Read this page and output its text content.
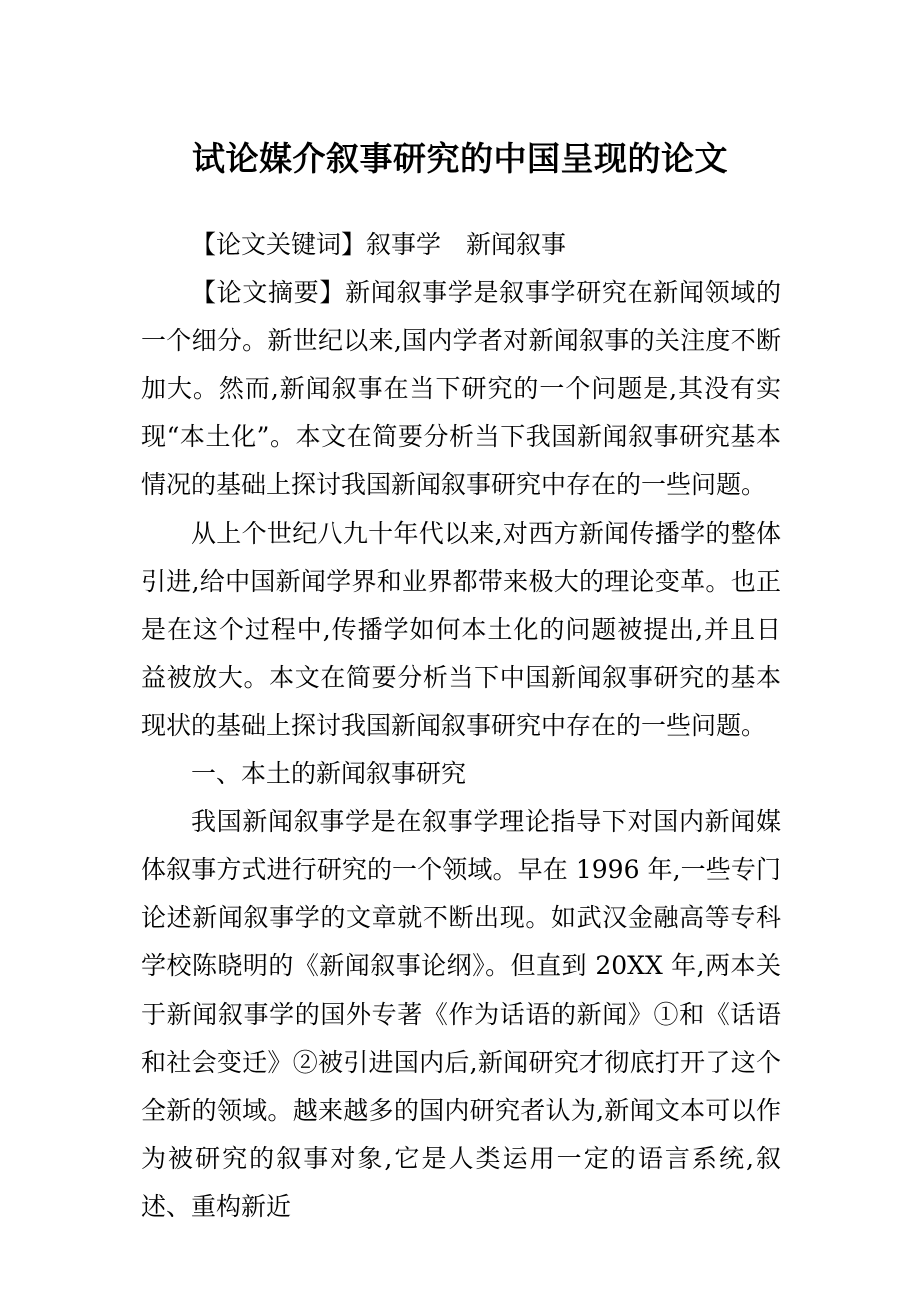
试论媒介叙事研究的中国呈现的论文

【论文关键词】叙事学　新闻叙事

【论文摘要】新闻叙事学是叙事学研究在新闻领域的一个细分。新世纪以来,国内学者对新闻叙事的关注度不断加大。然而,新闻叙事在当下研究的一个问题是,其没有实现“本土化”。本文在简要分析当下我国新闻叙事研究基本情况的基础上探讨我国新闻叙事研究中存在的一些问题。

从上个世纪八九十年代以来,对西方新闻传播学的整体引进,给中国新闻学界和业界都带来极大的理论变革。也正是在这个过程中,传播学如何本土化的问题被提出,并且日益被放大。本文在简要分析当下中国新闻叙事研究的基本现状的基础上探讨我国新闻叙事研究中存在的一些问题。

一、本土的新闻叙事研究

我国新闻叙事学是在叙事学理论指导下对国内新闻媒体叙事方式进行研究的一个领域。早在 1996 年,一些专门论述新闻叙事学的文章就不断出现。如武汉金融高等专科学校陈晓明的《新闻叙事论纲》。但直到 20XX 年,两本关于新闻叙事学的国外专著《作为话语的新闻》①和《话语和社会变迁》②被引进国内后,新闻研究才彻底打开了这个全新的领域。越来越多的国内研究者认为,新闻文本可以作为被研究的叙事对象,它是人类运用一定的语言系统,叙述、重构新近
